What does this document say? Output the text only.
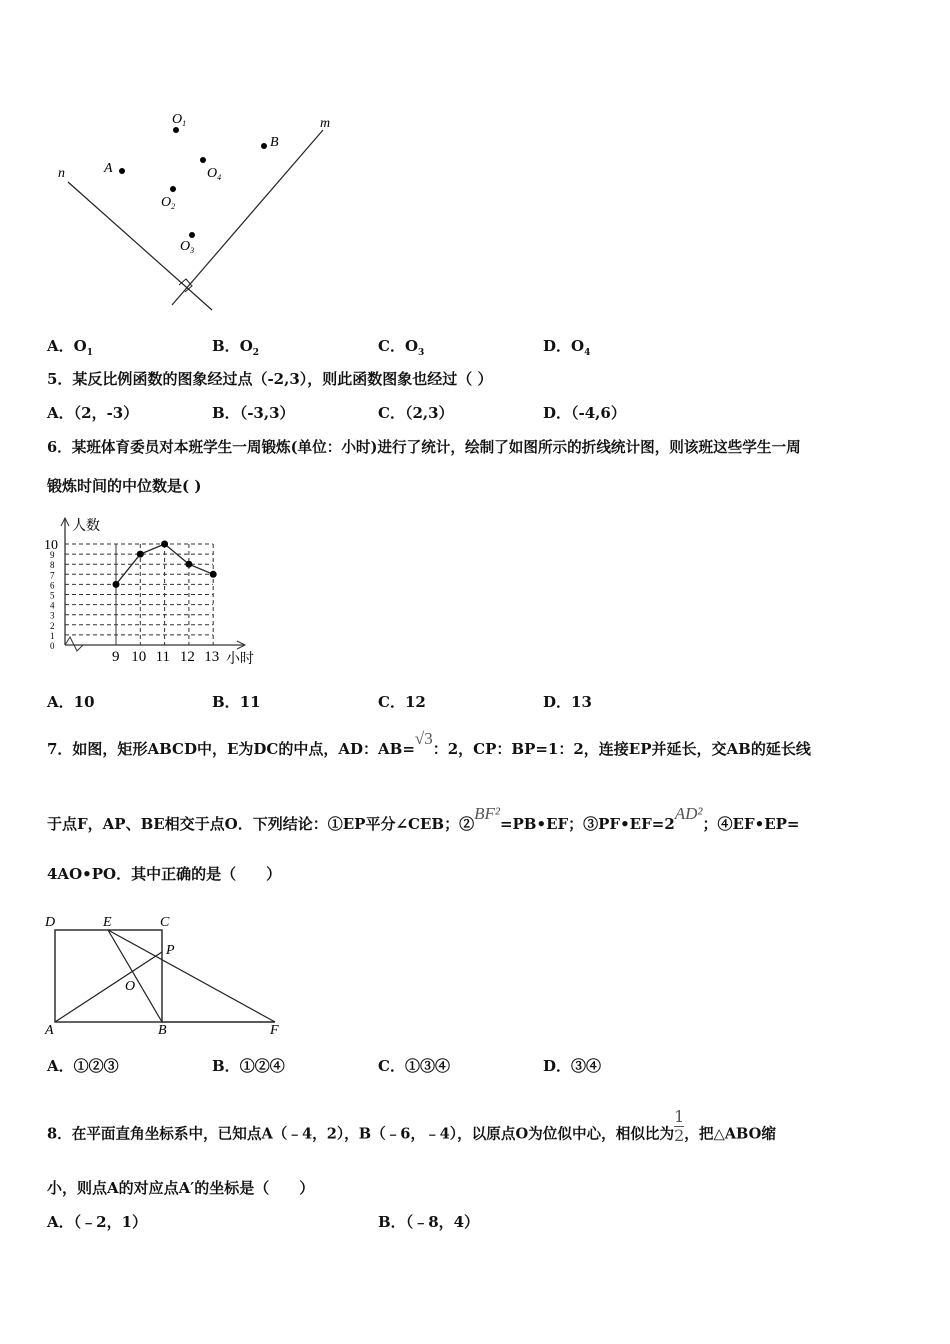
$O_1$
A
B
$O_4$
$O_2$
$O_3$
m
n
A．$O_1$	B．$O_2$	C．$O_3$	D．$O_4$
5．某反比例函数的图象经过点（-2,3），则此函数图象也经过（ ）
A．（2，-3）	B．（-3,3）	C．（2,3）	D．（-4,6）
6．某班体育委员对本班学生一周锻炼(单位：小时)进行了统计，绘制了如图所示的折线统计图，则该班这些学生一周
锻炼时间的中位数是( )
9 10 11 12 13
10
0
1
2
3
4
5
6
7
8
9
人数
小时
A．10	B．11	C．12	D．13
7．如图，矩形ABCD中，E为DC的中点，AD：AB=√3：2，CP：BP=1：2，连接EP并延长，交AB的延长线
于点F，AP、BE相交于点O．下列结论：①EP平分∠CEB；②BF²=PB•EF；③PF•EF=2AD²；④EF•EP=
4AO•PO．其中正确的是（　　）
D	E	C
P
O
A	B	F
A．①②③	B．①②④	C．①③④	D．③④
8．在平面直角坐标系中，已知点A（﹣4，2），B（﹣6，﹣4），以原点O为位似中心，相似比为 $\frac{1}{2}$ ，把△ABO缩
小，则点A的对应点A′的坐标是（　　）
A．（﹣2，1）	B．（﹣8，4）
